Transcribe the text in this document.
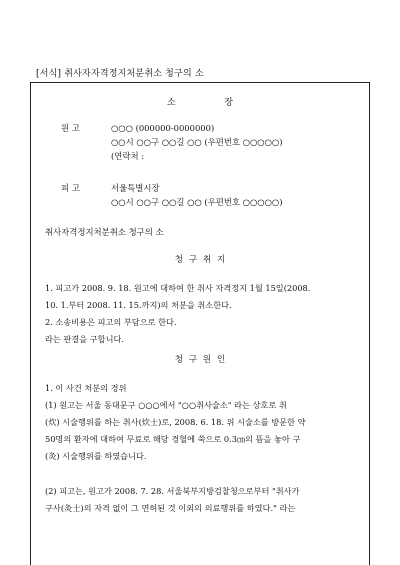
[서식] 취사자자격정지처분취소 청구의 소
소 장
원 고	○○○ (000000-0000000)
○○시 ○○구 ○○길 ○○ (우편번호 ○○○○○)
(연락처 :
피 고	서울특별시장
○○시 ○○구 ○○길 ○○ (우편번호 ○○○○○)
취사자격정지처분취소 청구의 소
청 구 취 지
1. 피고가 2008. 9. 18. 원고에 대하여 한 취사 자격정지 1월 15일(2008.
10. 1.부터 2008. 11. 15.까지)의 처분을 취소한다.
2. 소송비용은 피고의 부담으로 한다.
라는 판결을 구합니다.
청 구 원 인
1. 이 사건 처분의 경위
(1) 원고는 서울 동대문구 ○○○에서 "○○취사술소" 라는 상호로 취
(炊) 시술행위를 하는 취사(炊士)로, 2008. 6. 18. 위 시술소를 방문한 약
50명의 환자에 대하여 무료로 해당 경혈에 쑥으로 0.3㎝의 뜸을 놓아 구
(灸) 시술행위를 하였습니다.
(2) 피고는, 원고가 2008. 7. 28. 서울북부지방검찰청으로부터 "취사가
구사(灸士)의 자격 없이 그 면허된 것 이외의 의료행위를 하였다." 라는
